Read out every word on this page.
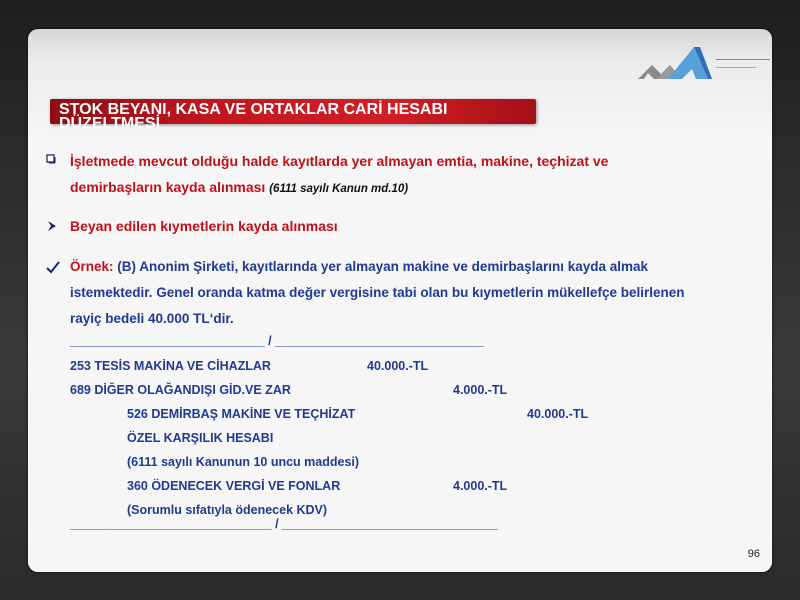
STOK BEYANI, KASA VE ORTAKLAR CARİ HESABI DÜZELTMESİ
İşletmede mevcut olduğu halde kayıtlarda yer almayan emtia, makine, teçhizat ve
demirbaşların kayda alınması (6111 sayılı Kanun md.10)
Beyan edilen kıymetlerin kayda alınması
Örnek: (B) Anonim Şirketi, kayıtlarında yer almayan makine ve demirbaşlarını kayda almak
istemektedir. Genel oranda katma değer vergisine tabi olan bu kıymetlerin mükellefçe belirlenen
rayiç bedeli 40.000 TL‘dir.
____________________________ / ______________________________
253 TESİS MAKİNA VE CİHAZLAR	40.000.-TL
689 DİĞER OLAĞANDIŞI GİD.VE ZAR	4.000.-TL
526 DEMİRBAŞ MAKİNE VE TEÇHİZAT	40.000.-TL
ÖZEL KARŞILIK HESABI
(6111 sayılı Kanunun 10 uncu maddesi)
360 ÖDENECEK VERGİ VE FONLAR	4.000.-TL
(Sorumlu sıfatıyla ödenecek KDV)
_____________________________ / _______________________________
96
